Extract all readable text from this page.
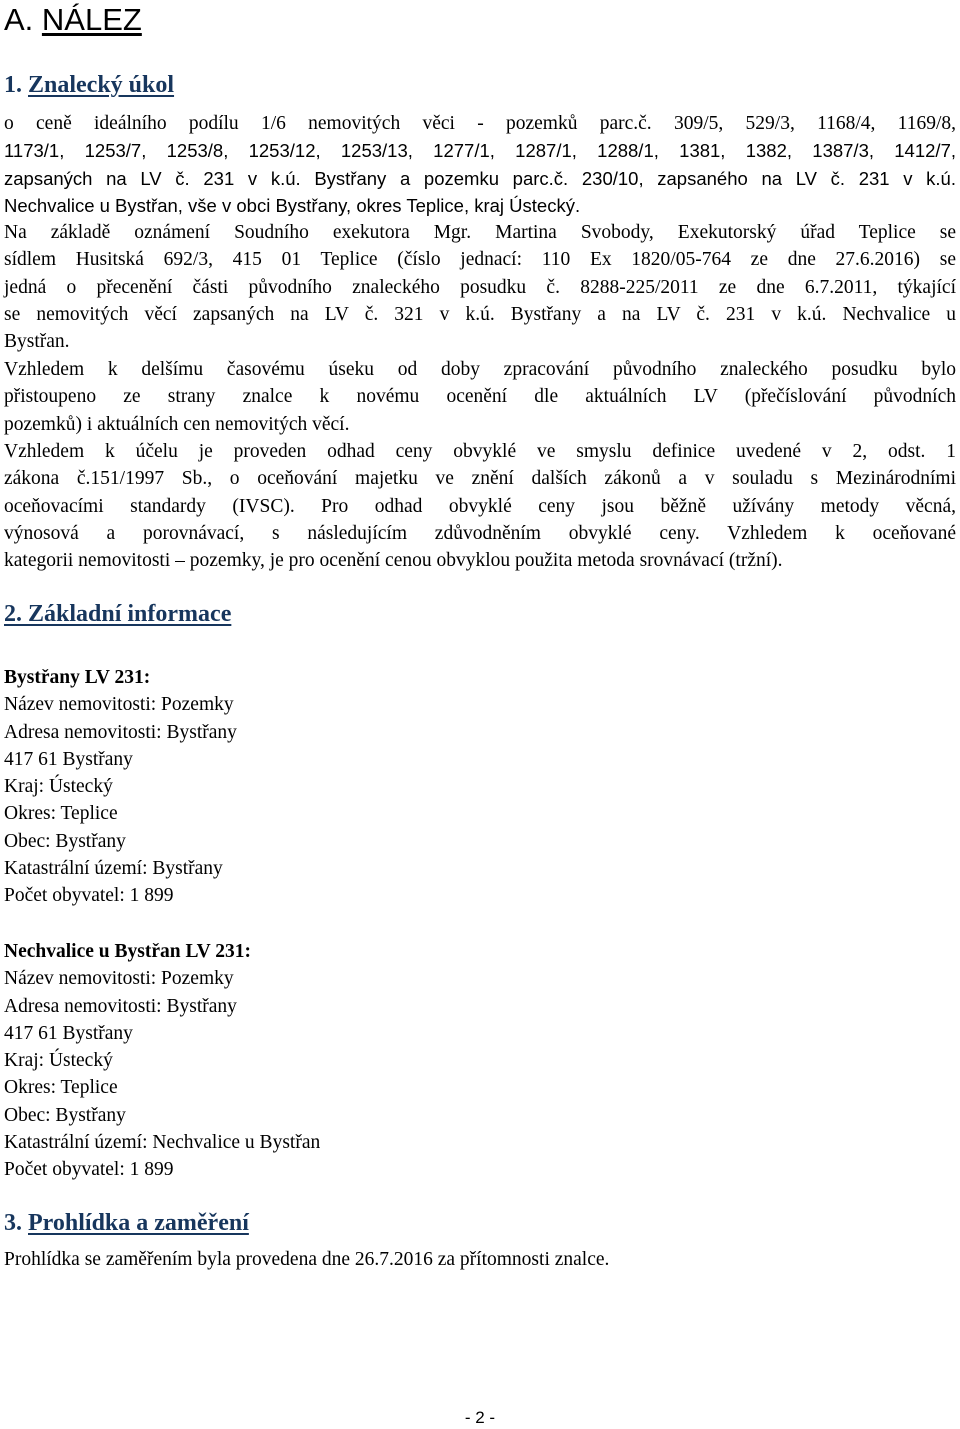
A. NÁLEZ
1. Znalecký úkol
o ceně ideálního podílu 1/6 nemovitých věci - pozemků parc.č. 309/5, 529/3, 1168/4, 1169/8,
1173/1, 1253/7, 1253/8, 1253/12, 1253/13, 1277/1, 1287/1, 1288/1, 1381, 1382, 1387/3, 1412/7,
zapsaných na LV č. 231 v k.ú. Bystřany a pozemku parc.č. 230/10, zapsaného na LV č. 231 v k.ú.
Nechvalice u Bystřan, vše v obci Bystřany, okres Teplice, kraj Ústecký.
Na základě oznámení Soudního exekutora Mgr. Martina Svobody, Exekutorský úřad Teplice se
sídlem Husitská 692/3, 415 01 Teplice (číslo jednací: 110 Ex 1820/05-764 ze dne 27.6.2016) se
jedná o přecenění části původního znaleckého posudku č. 8288-225/2011 ze dne 6.7.2011, týkající
se nemovitých věcí zapsaných na LV č. 321 v k.ú. Bystřany a na LV č. 231 v k.ú. Nechvalice u
Bystřan.
Vzhledem k delšímu časovému úseku od doby zpracování původního znaleckého posudku bylo
přistoupeno ze strany znalce k novému ocenění dle aktuálních LV (přečíslování původních
pozemků) i aktuálních cen nemovitých věcí.
Vzhledem k účelu je proveden odhad ceny obvyklé ve smyslu definice uvedené v 2, odst. 1
zákona č.151/1997 Sb., o oceňování majetku ve znění dalších zákonů a v souladu s Mezinárodními
oceňovacími standardy (IVSC). Pro odhad obvyklé ceny jsou běžně užívány metody věcná,
výnosová a porovnávací, s následujícím zdůvodněním obvyklé ceny. Vzhledem k oceňované
kategorii nemovitosti – pozemky, je pro ocenění cenou obvyklou použita metoda srovnávací (tržní).
2. Základní informace
Bystřany LV 231:
Název nemovitosti: Pozemky
Adresa nemovitosti: Bystřany
417 61 Bystřany
Kraj: Ústecký
Okres: Teplice
Obec: Bystřany
Katastrální území: Bystřany
Počet obyvatel: 1 899
Nechvalice u Bystřan LV 231:
Název nemovitosti: Pozemky
Adresa nemovitosti: Bystřany
417 61 Bystřany
Kraj: Ústecký
Okres: Teplice
Obec: Bystřany
Katastrální území: Nechvalice u Bystřan
Počet obyvatel: 1 899
3. Prohlídka a zaměření
Prohlídka se zaměřením byla provedena dne 26.7.2016 za přítomnosti znalce.
- 2 -
